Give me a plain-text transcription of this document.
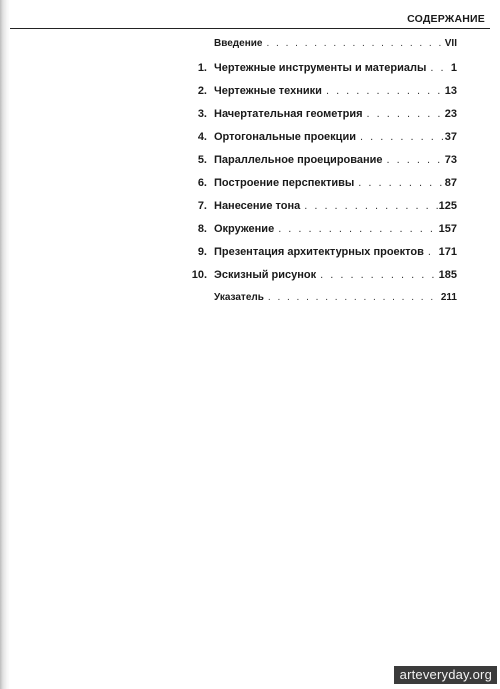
СОДЕРЖАНИЕ
Введение . . .	VII
1. Чертежные инструменты и материалы . . .	1
2. Чертежные техники . . .	13
3. Начертательная геометрия . . .	23
4. Ортогональные проекции . . .	37
5. Параллельное проецирование . . .	73
6. Построение перспективы . . .	87
7. Нанесение тона . . .	125
8. Окружение . . .	157
9. Презентация архитектурных проектов . . .	171
10. Эскизный рисунок . . .	185
Указатель . . .	211
arteveryday.org
